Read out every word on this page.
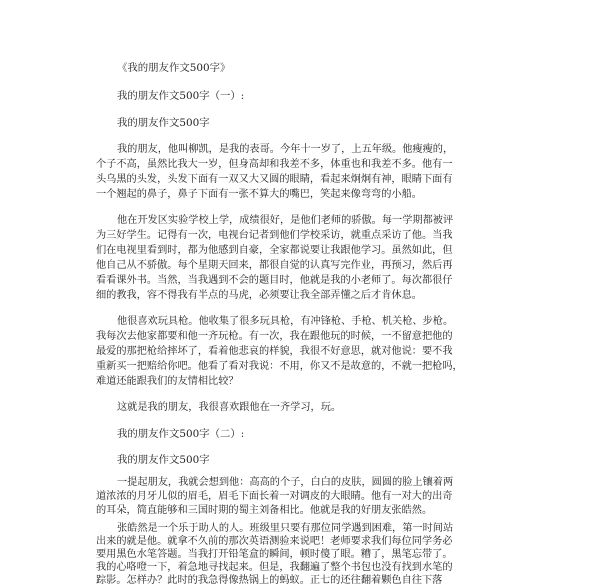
《我的朋友作文500字》
我的朋友作文500字（一）:
我的朋友作文500字
我的朋友，他叫柳凯，是我的表哥。今年十一岁了，上五年级。他瘦瘦的，
个子不高，虽然比我大一岁，但身高却和我差不多，体重也和我差不多。他有一
头乌黑的头发，头发下面有一双又大又圆的眼睛，看起来炯炯有神，眼睛下面有
一个翘起的鼻子，鼻子下面有一张不算大的嘴巴，笑起来像弯弯的小船。
他在开发区实验学校上学，成绩很好，是他们老师的骄傲。每一学期都被评
为三好学生。记得有一次，电视台记者到他们学校采访，就重点采访了他。当我
们在电视里看到时，都为他感到自豪，全家都说要让我跟他学习。虽然如此，但
他自己从不骄傲。每个星期天回来，都很自觉的认真写完作业，再预习，然后再
看看课外书。当然，当我遇到不会的题目时，他就是我的小老师了。每次都很仔
细的教我，容不得我有半点的马虎，必须要让我全部弄懂之后才肯休息。
他很喜欢玩具枪。他收集了很多玩具枪，有冲锋枪、手枪、机关枪、步枪。
我每次去他家都要和他一齐玩枪。有一次，我在跟他玩的时候，一不留意把他的
最爱的那把枪给摔坏了，看着他悲哀的样貌，我很不好意思，就对他说：要不我
重新买一把赔给你吧。他看了看对我说：不用，你又不是故意的，不就一把枪吗，
难道还能跟我们的友情相比较？
这就是我的朋友，我很喜欢跟他在一齐学习，玩。
我的朋友作文500字（二）:
我的朋友作文500字
一提起朋友，我就会想到他：高高的个子，白白的皮肤，圆圆的脸上镶着两
道浓浓的月牙儿似的眉毛，眉毛下面长着一对调皮的大眼睛。他有一对大的出奇
的耳朵，简直能够和三国时期的蜀主刘备相比。他就是我的好朋友张皓然。
张皓然是一个乐于助人的人。班级里只要有那位同学遇到困难，第一时间站
出来的就是他。就拿不久前的那次英语测验来说吧！老师要求我们每位同学务必
要用黑色水笔答题。当我打开铅笔盒的瞬间，顿时傻了眼。糟了，黑笔忘带了。
我的心咯噔一下，着急地寻找起来。但是，我翻遍了整个书包也没有找到水笔的
踪影。怎样办？此时的我急得像热锅上的蚂蚁。正七的还往翻着颗色自往下落
